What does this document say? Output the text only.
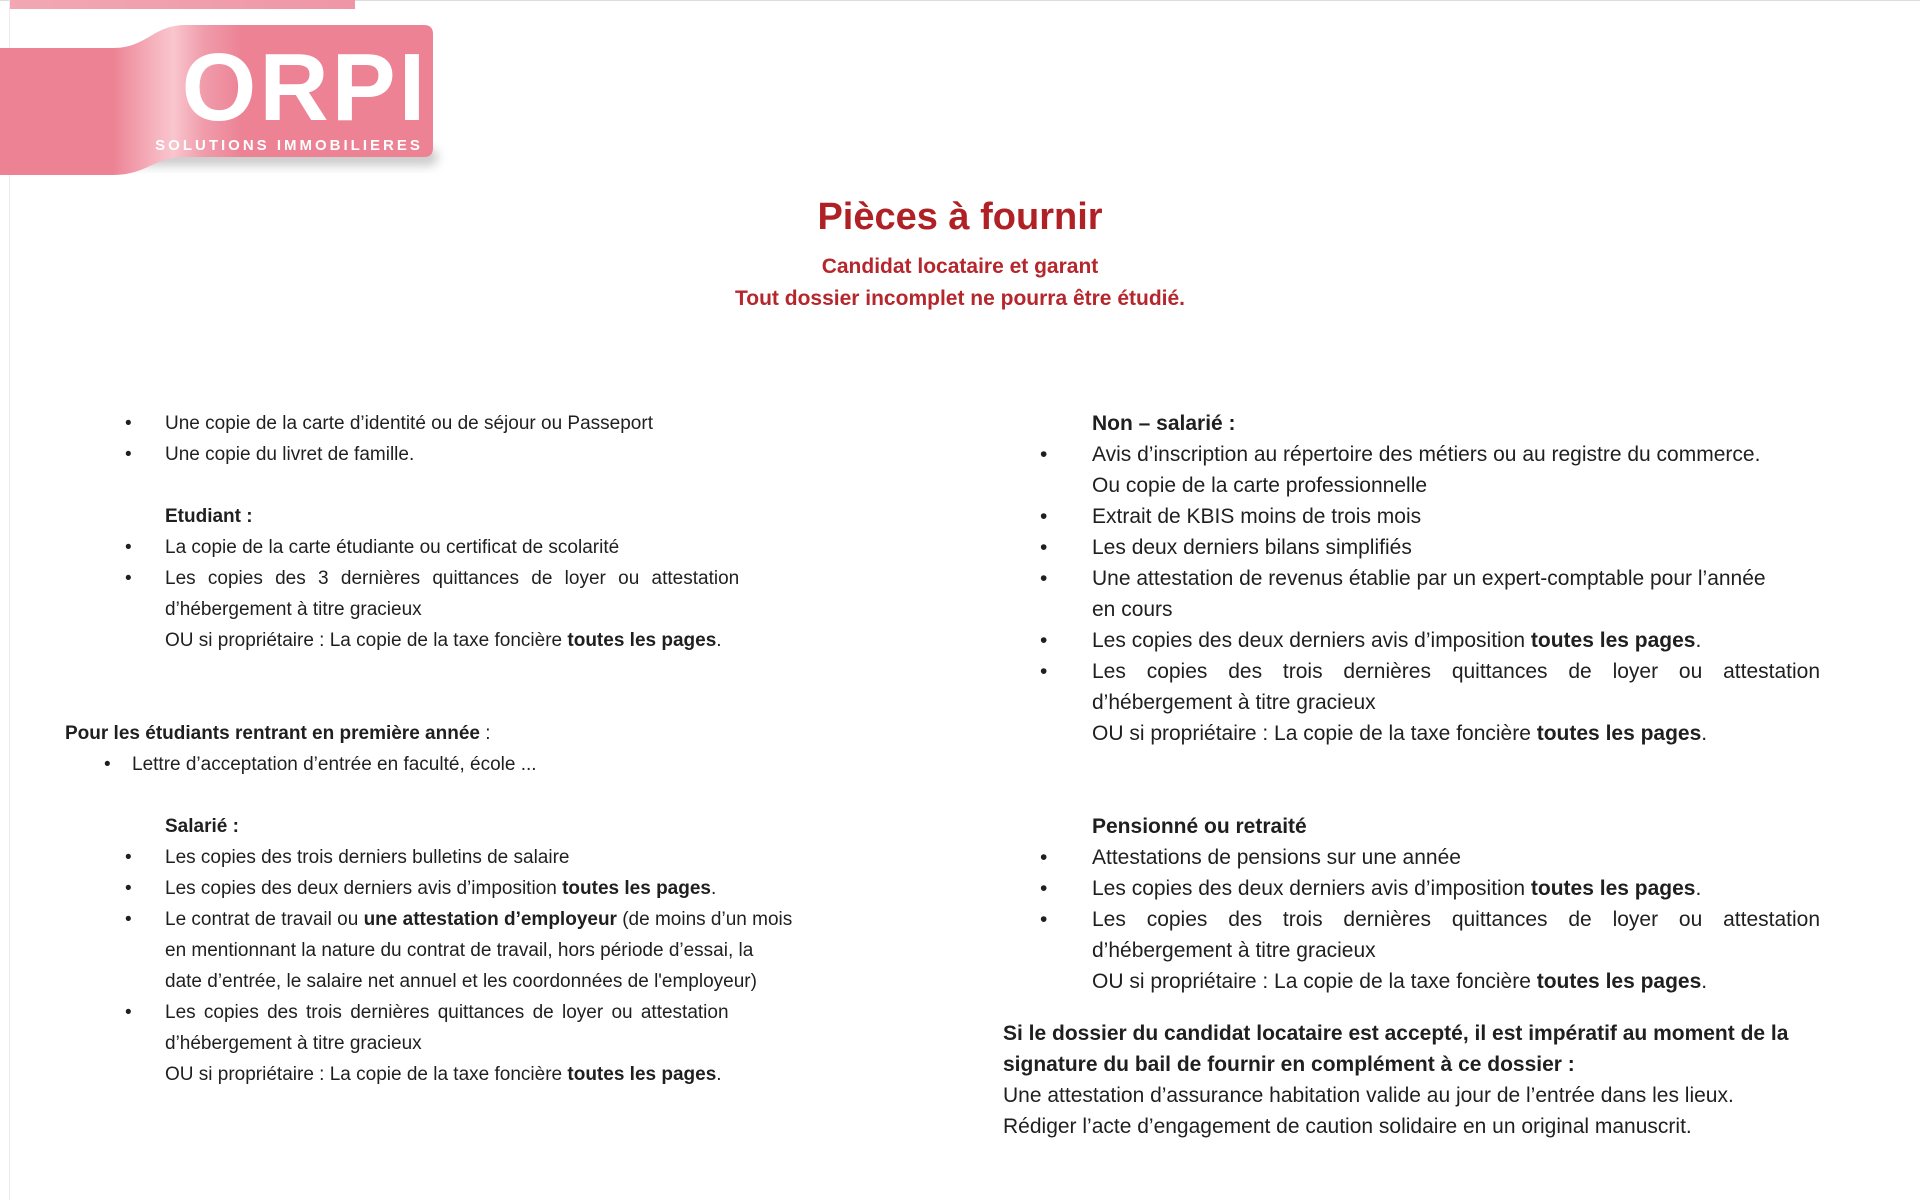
ORPI
SOLUTIONS IMMOBILIERES
Pièces à fournir
Candidat locataire et garant
Tout dossier incomplet ne pourra être étudié.
• Une copie de la carte d’identité ou de séjour ou Passeport
• Une copie du livret de famille.
Etudiant :
• La copie de la carte étudiante ou certificat de scolarité
• Les copies des 3 dernières quittances de loyer ou attestation
d’hébergement à titre gracieux
OU si propriétaire : La copie de la taxe foncière toutes les pages.
Pour les étudiants rentrant en première année :
• Lettre d’acceptation d’entrée en faculté, école ...
Salarié :
• Les copies des trois derniers bulletins de salaire
• Les copies des deux derniers avis d’imposition toutes les pages.
• Le contrat de travail ou une attestation d’employeur (de moins d’un mois
en mentionnant la nature du contrat de travail, hors période d’essai, la
date d’entrée, le salaire net annuel et les coordonnées de l'employeur)
• Les copies des trois dernières quittances de loyer ou attestation
d’hébergement à titre gracieux
OU si propriétaire : La copie de la taxe foncière toutes les pages.
Non – salarié :
• Avis d’inscription au répertoire des métiers ou au registre du commerce.
Ou copie de la carte professionnelle
• Extrait de KBIS moins de trois mois
• Les deux derniers bilans simplifiés
• Une attestation de revenus établie par un expert-comptable pour l’année
en cours
• Les copies des deux derniers avis d’imposition toutes les pages.
• Les copies des trois dernières quittances de loyer ou attestation
d’hébergement à titre gracieux
OU si propriétaire : La copie de la taxe foncière toutes les pages.
Pensionné ou retraité
• Attestations de pensions sur une année
• Les copies des deux derniers avis d’imposition toutes les pages.
• Les copies des trois dernières quittances de loyer ou attestation
d’hébergement à titre gracieux
OU si propriétaire : La copie de la taxe foncière toutes les pages.
Si le dossier du candidat locataire est accepté, il est impératif au moment de la
signature du bail de fournir en complément à ce dossier :
Une attestation d’assurance habitation valide au jour de l’entrée dans les lieux.
Rédiger l’acte d’engagement de caution solidaire en un original manuscrit.
